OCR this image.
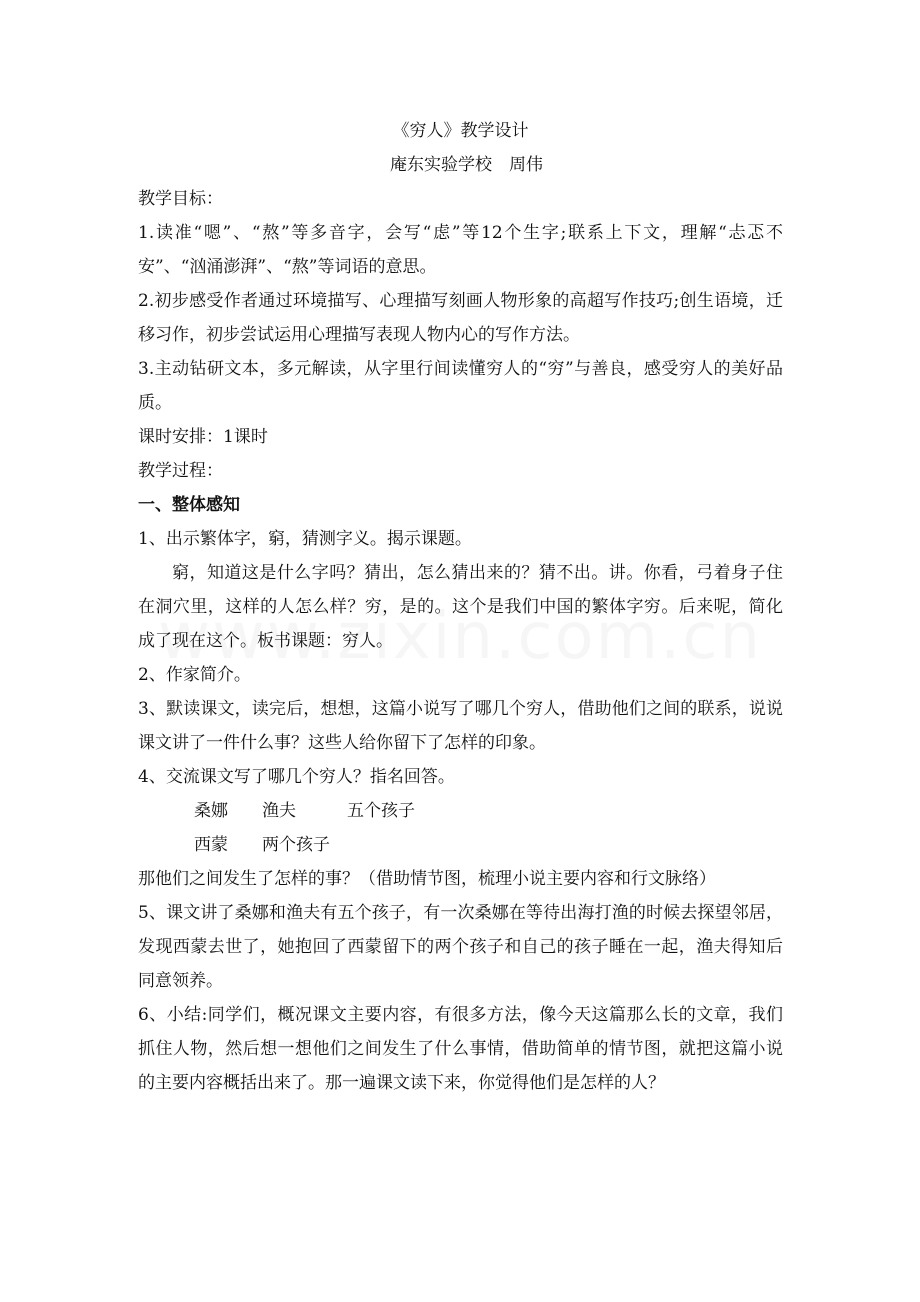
《穷人》教学设计

庵东实验学校　周伟

教学目标：

1.读准“嗯”、“熬”等多音字，会写“虑”等12个生字;联系上下文，理解“忐忑不安”、“汹涌澎湃”、“熬”等词语的意思。

2.初步感受作者通过环境描写、心理描写刻画人物形象的高超写作技巧;创生语境，迁移习作，初步尝试运用心理描写表现人物内心的写作方法。

3.主动钻研文本，多元解读，从字里行间读懂穷人的“穷”与善良，感受穷人的美好品质。

课时安排：1课时

教学过程：

一、整体感知

1、出示繁体字，窮，猜测字义。揭示课题。

窮，知道这是什么字吗？猜出，怎么猜出来的？猜不出。讲。你看，弓着身子住在洞穴里，这样的人怎么样？穷，是的。这个是我们中国的繁体字穷。后来呢，简化成了现在这个。板书课题：穷人。

2、作家简介。

3、默读课文，读完后，想想，这篇小说写了哪几个穷人，借助他们之间的联系，说说课文讲了一件什么事？这些人给你留下了怎样的印象。

4、交流课文写了哪几个穷人？指名回答。

桑娜　　渔夫　　　五个孩子

西蒙　　两个孩子

那他们之间发生了怎样的事？（借助情节图，梳理小说主要内容和行文脉络）

5、课文讲了桑娜和渔夫有五个孩子，有一次桑娜在等待出海打渔的时候去探望邻居，发现西蒙去世了，她抱回了西蒙留下的两个孩子和自己的孩子睡在一起，渔夫得知后同意领养。

6、小结:同学们，概况课文主要内容，有很多方法，像今天这篇那么长的文章，我们抓住人物，然后想一想他们之间发生了什么事情，借助简单的情节图，就把这篇小说的主要内容概括出来了。那一遍课文读下来，你觉得他们是怎样的人？
